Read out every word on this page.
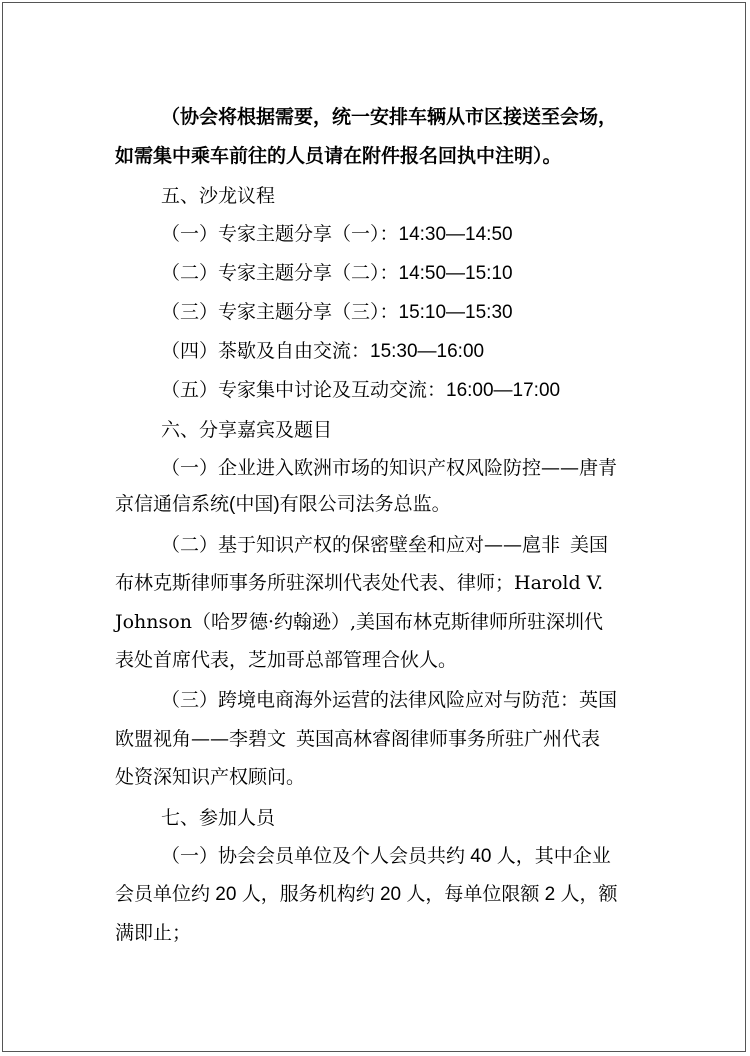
（协会将根据需要，统一安排车辆从市区接送至会场，
如需集中乘车前往的人员请在附件报名回执中注明）。
五、沙龙议程
（一）专家主题分享（一）：14:30—14:50
（二）专家主题分享（二）：14:50—15:10
（三）专家主题分享（三）：15:10—15:30
（四）茶歇及自由交流：15:30—16:00
（五）专家集中讨论及互动交流：16:00—17:00
六、分享嘉宾及题目
（一）企业进入欧洲市场的知识产权风险防控——唐青
京信通信系统(中国)有限公司法务总监。
（二）基于知识产权的保密壁垒和应对——扈非 美国
布林克斯律师事务所驻深圳代表处代表、律师；Harold V.
Johnson（哈罗德·约翰逊）,美国布林克斯律师所驻深圳代
表处首席代表，芝加哥总部管理合伙人。
（三）跨境电商海外运营的法律风险应对与防范：英国
欧盟视角——李碧文 英国高林睿阁律师事务所驻广州代表
处资深知识产权顾问。
七、参加人员
（一）协会会员单位及个人会员共约 40 人，其中企业
会员单位约 20 人，服务机构约 20 人，每单位限额 2 人，额
满即止；
